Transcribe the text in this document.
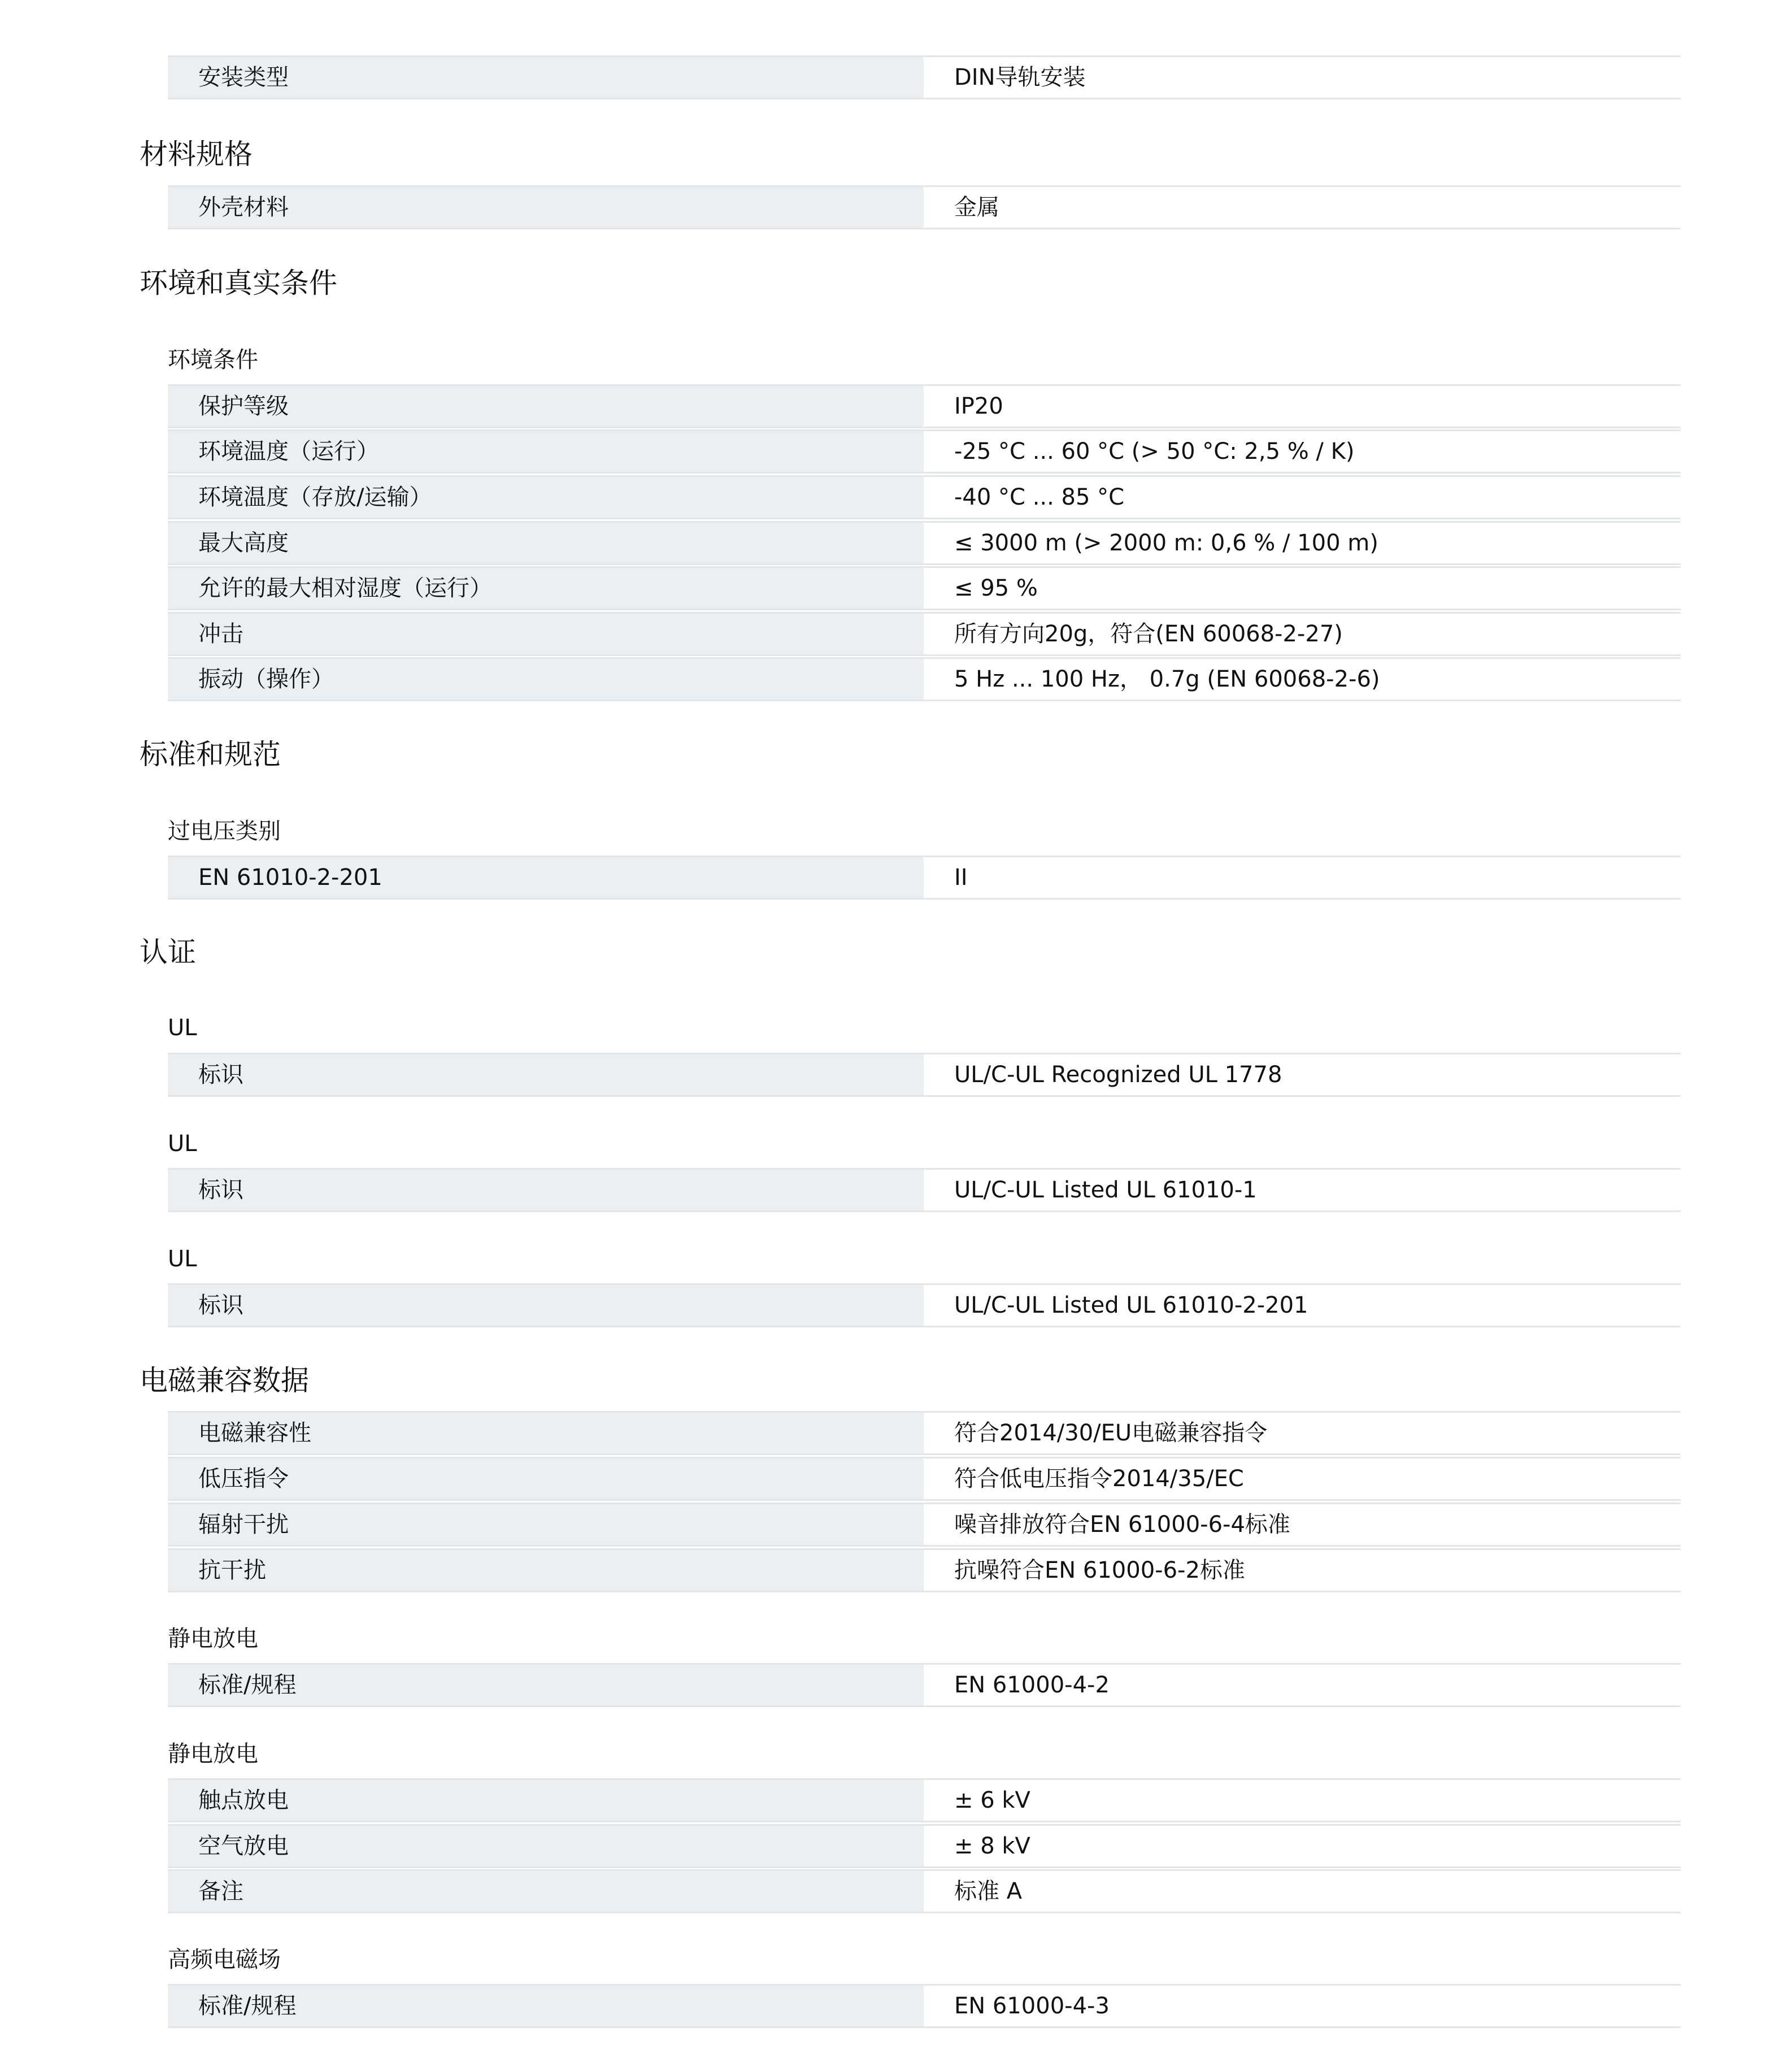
安装类型	DIN导轨安装
材料规格
外壳材料	金属
环境和真实条件
环境条件
保护等级	IP20
环境温度（运行）	-25 °C ... 60 °C (> 50 °C: 2,5 % / K)
环境温度（存放/运输）	-40 °C ... 85 °C
最大高度	≤ 3000 m (> 2000 m: 0,6 % / 100 m)
允许的最大相对湿度（运行）	≤ 95 %
冲击	所有方向20g，符合(EN 60068-2-27)
振动（操作）	5 Hz ... 100 Hz， 0.7g (EN 60068-2-6)
标准和规范
过电压类别
EN 61010-2-201	II
认证
UL
标识	UL/C-UL Recognized UL 1778
UL
标识	UL/C-UL Listed UL 61010-1
UL
标识	UL/C-UL Listed UL 61010-2-201
电磁兼容数据
电磁兼容性	符合2014/30/EU电磁兼容指令
低压指令	符合低电压指令2014/35/EC
辐射干扰	噪音排放符合EN 61000-6-4标准
抗干扰	抗噪符合EN 61000-6-2标准
静电放电
标准/规程	EN 61000-4-2
静电放电
触点放电	± 6 kV
空气放电	± 8 kV
备注	标准 A
高频电磁场
标准/规程	EN 61000-4-3
